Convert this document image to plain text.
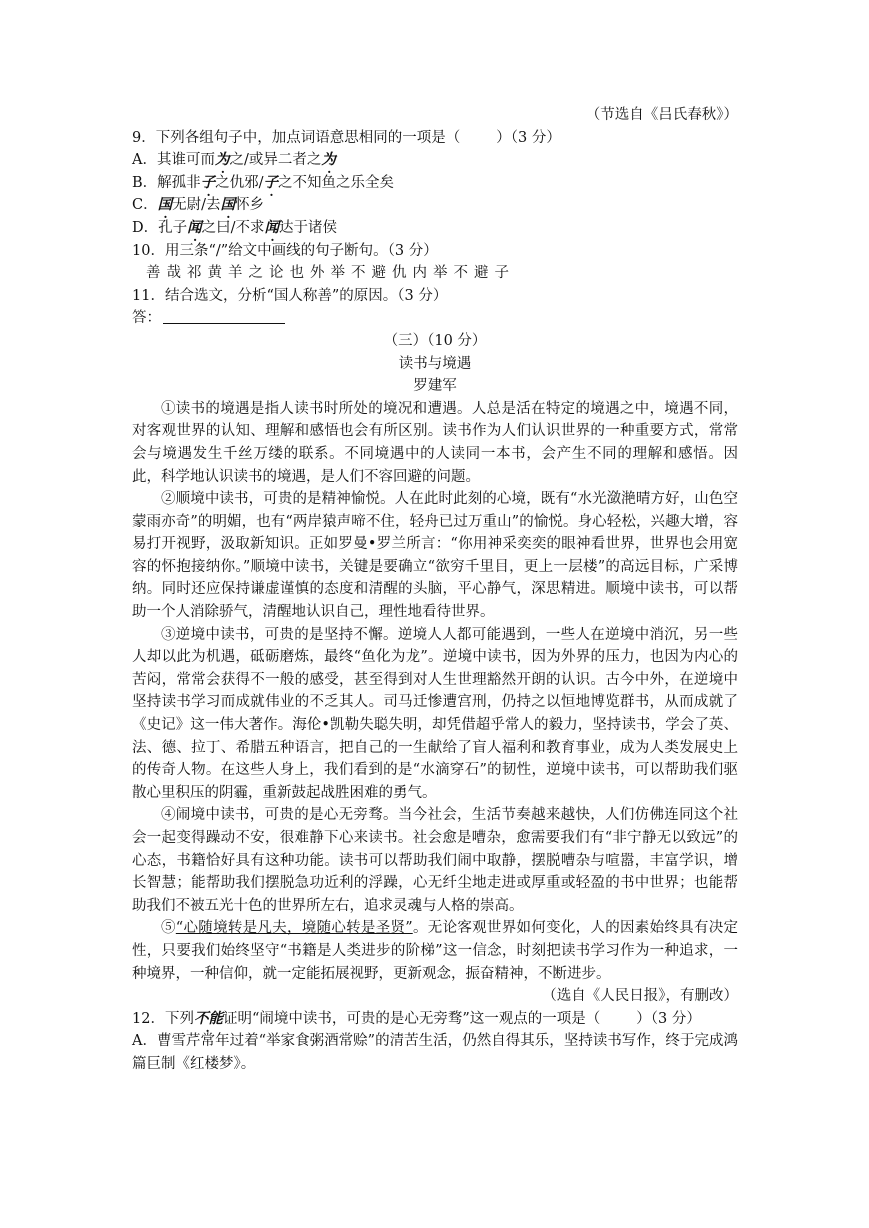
（节选自《吕氏春秋》）
9．下列各组句子中，加点词语意思相同的一项是（ ）（3 分）
A．其谁可而为之/或异二者之为
B．解孤非子之仇邪/子之不知鱼之乐全矣
C．国无尉/去国怀乡
D．孔子闻之曰/不求闻达于诸侯
10．用三条“/”给文中画线的句子断句。（3 分）
善哉祁黄羊之论也外举不避仇内举不避子
11．结合选文，分析“国人称善”的原因。（3 分）
答：
（三）（10 分）
读书与境遇
罗建军

①读书的境遇是指人读书时所处的境况和遭遇。人总是活在特定的境遇之中，境遇不同，对客观世界的认知、理解和感悟也会有所区别。读书作为人们认识世界的一种重要方式，常常会与境遇发生千丝万缕的联系。不同境遇中的人读同一本书，会产生不同的理解和感悟。因此，科学地认识读书的境遇，是人们不容回避的问题。

②顺境中读书，可贵的是精神愉悦。人在此时此刻的心境，既有“水光潋滟晴方好，山色空蒙雨亦奇”的明媚，也有“两岸猿声啼不住，轻舟已过万重山”的愉悦。身心轻松，兴趣大增，容易打开视野，汲取新知识。正如罗曼•罗兰所言：“你用神采奕奕的眼神看世界，世界也会用宽容的怀抱接纳你。”顺境中读书，关键是要确立“欲穷千里目，更上一层楼”的高远目标，广采博纳。同时还应保持谦虚谨慎的态度和清醒的头脑，平心静气，深思精进。顺境中读书，可以帮助一个人消除骄气，清醒地认识自己，理性地看待世界。

③逆境中读书，可贵的是坚持不懈。逆境人人都可能遇到，一些人在逆境中消沉，另一些人却以此为机遇，砥砺磨炼，最终“鱼化为龙”。逆境中读书，因为外界的压力，也因为内心的苦闷，常常会获得不一般的感受，甚至得到对人生世理豁然开朗的认识。古今中外，在逆境中坚持读书学习而成就伟业的不乏其人。司马迁惨遭宫刑，仍持之以恒地博览群书，从而成就了《史记》这一伟大著作。海伦•凯勒失聪失明，却凭借超乎常人的毅力，坚持读书，学会了英、法、德、拉丁、希腊五种语言，把自己的一生献给了盲人福利和教育事业，成为人类发展史上的传奇人物。在这些人身上，我们看到的是“水滴穿石”的韧性，逆境中读书，可以帮助我们驱散心里积压的阴霾，重新鼓起战胜困难的勇气。

④闹境中读书，可贵的是心无旁骛。当今社会，生活节奏越来越快，人们仿佛连同这个社会一起变得躁动不安，很难静下心来读书。社会愈是嘈杂，愈需要我们有“非宁静无以致远”的心态，书籍恰好具有这种功能。读书可以帮助我们闹中取静，摆脱嘈杂与喧嚣，丰富学识，增长智慧；能帮助我们摆脱急功近利的浮躁，心无纤尘地走进或厚重或轻盈的书中世界；也能帮助我们不被五光十色的世界所左右，追求灵魂与人格的崇高。

⑤“心随境转是凡夫，境随心转是圣贤”。无论客观世界如何变化，人的因素始终具有决定性，只要我们始终坚守“书籍是人类进步的阶梯”这一信念，时刻把读书学习作为一种追求，一种境界，一种信仰，就一定能拓展视野，更新观念，振奋精神，不断进步。

（选自《人民日报》，有删改）
12．下列不能证明“闹境中读书，可贵的是心无旁骛”这一观点的一项是（ ）（3 分）
A．曹雪芹常年过着“举家食粥酒常赊”的清苦生活，仍然自得其乐，坚持读书写作，终于完成鸿篇巨制《红楼梦》。
